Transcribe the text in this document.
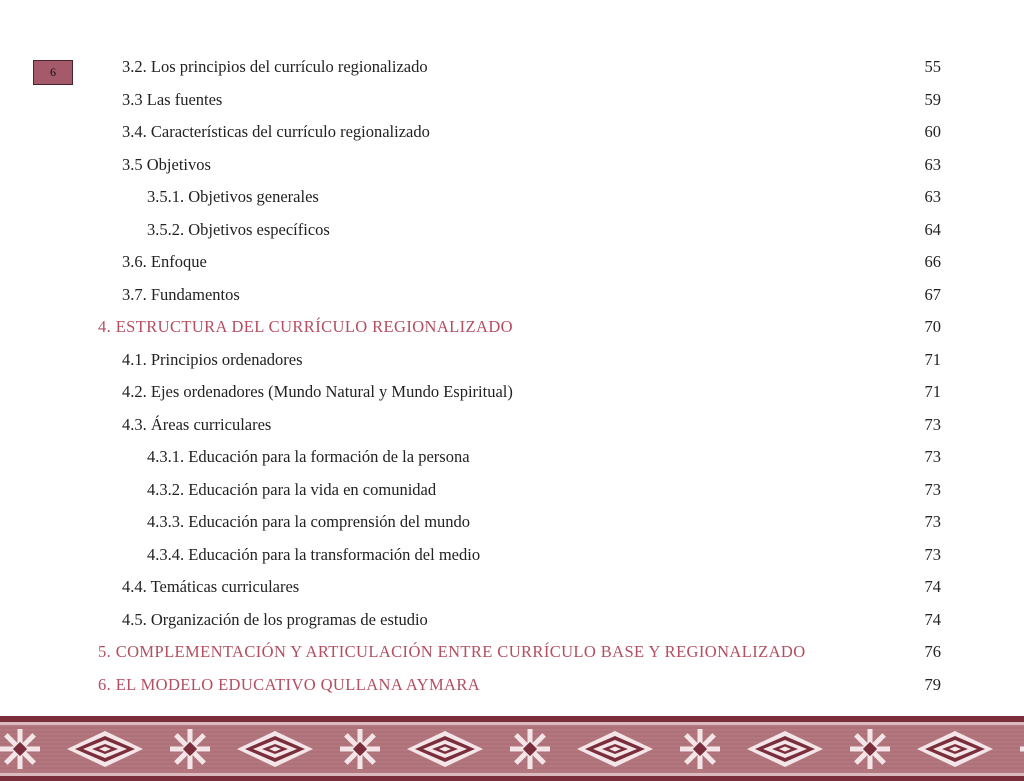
6	3.2. Los principios del currículo regionalizado	55
3.3 Las fuentes	59
3.4. Características del currículo regionalizado	60
3.5 Objetivos	63
3.5.1. Objetivos generales	63
3.5.2. Objetivos específicos	64
3.6. Enfoque	66
3.7. Fundamentos	67
4. ESTRUCTURA DEL CURRÍCULO REGIONALIZADO	70
4.1. Principios ordenadores	71
4.2. Ejes ordenadores (Mundo Natural y Mundo Espiritual)	71
4.3. Áreas curriculares	73
4.3.1. Educación para la formación de la persona	73
4.3.2. Educación para la vida en comunidad	73
4.3.3. Educación para la comprensión del mundo	73
4.3.4. Educación para la transformación del medio	73
4.4. Temáticas curriculares	74
4.5. Organización de los programas de estudio	74
5. COMPLEMENTACIÓN Y ARTICULACIÓN ENTRE CURRÍCULO BASE Y REGIONALIZADO	76
6. EL MODELO EDUCATIVO QULLANA AYMARA	79
